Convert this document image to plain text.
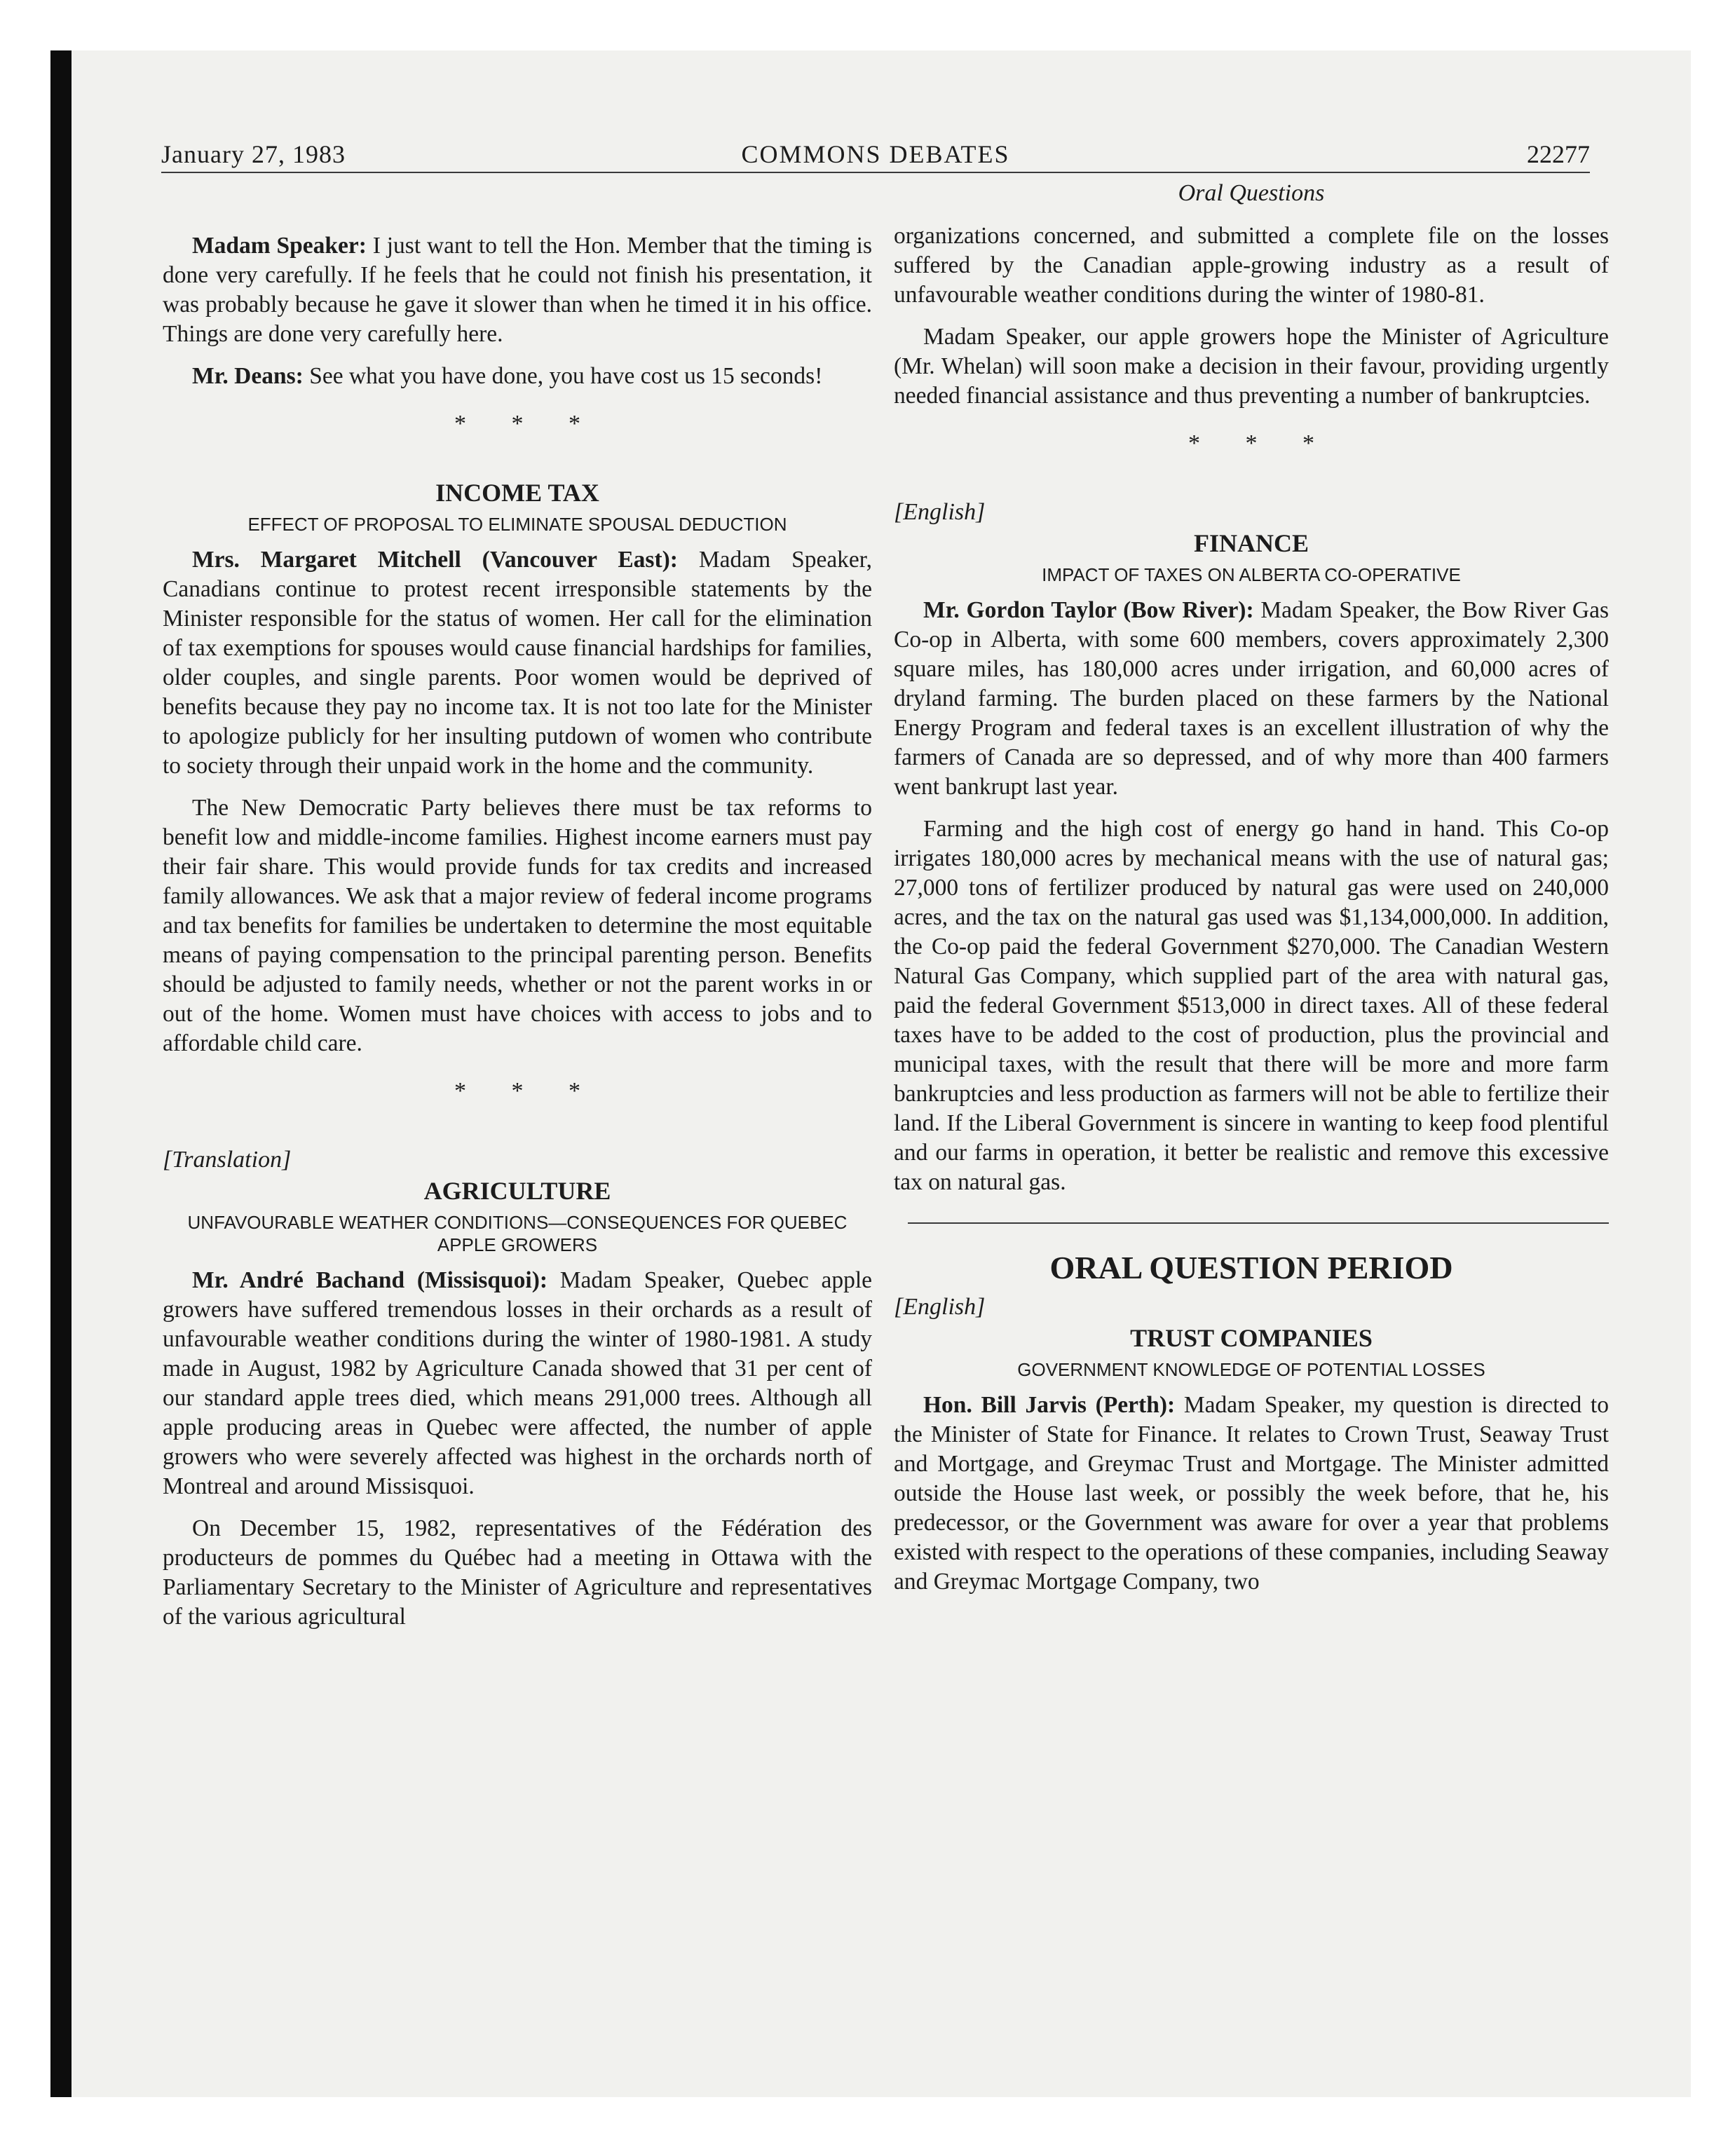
January 27, 1983	COMMONS DEBATES	22277

Madam Speaker: I just want to tell the Hon. Member that the timing is done very carefully. If he feels that he could not finish his presentation, it was probably because he gave it slower than when he timed it in his office. Things are done very carefully here.

Mr. Deans: See what you have done, you have cost us 15 seconds!

* * *
INCOME TAX
EFFECT OF PROPOSAL TO ELIMINATE SPOUSAL DEDUCTION

Mrs. Margaret Mitchell (Vancouver East): Madam Speaker, Canadians continue to protest recent irresponsible statements by the Minister responsible for the status of women. Her call for the elimination of tax exemptions for spouses would cause financial hardships for families, older couples, and single parents. Poor women would be deprived of benefits because they pay no income tax. It is not too late for the Minister to apologize publicly for her insulting putdown of women who contribute to society through their unpaid work in the home and the community.

The New Democratic Party believes there must be tax reforms to benefit low and middle-income families. Highest income earners must pay their fair share. This would provide funds for tax credits and increased family allowances. We ask that a major review of federal income programs and tax benefits for families be undertaken to determine the most equitable means of paying compensation to the principal parenting person. Benefits should be adjusted to family needs, whether or not the parent works in or out of the home. Women must have choices with access to jobs and to affordable child care.

* * *
[Translation]
AGRICULTURE
UNFAVOURABLE WEATHER CONDITIONS—CONSEQUENCES FOR QUEBEC APPLE GROWERS

Mr. André Bachand (Missisquoi): Madam Speaker, Quebec apple growers have suffered tremendous losses in their orchards as a result of unfavourable weather conditions during the winter of 1980-1981. A study made in August, 1982 by Agriculture Canada showed that 31 per cent of our standard apple trees died, which means 291,000 trees. Although all apple producing areas in Quebec were affected, the number of apple growers who were severely affected was highest in the orchards north of Montreal and around Missisquoi.

On December 15, 1982, representatives of the Fédération des producteurs de pommes du Québec had a meeting in Ottawa with the Parliamentary Secretary to the Minister of Agriculture and representatives of the various agricultural

Oral Questions

organizations concerned, and submitted a complete file on the losses suffered by the Canadian apple-growing industry as a result of unfavourable weather conditions during the winter of 1980-81.

Madam Speaker, our apple growers hope the Minister of Agriculture (Mr. Whelan) will soon make a decision in their favour, providing urgently needed financial assistance and thus preventing a number of bankruptcies.

* * *
[English]
FINANCE
IMPACT OF TAXES ON ALBERTA CO-OPERATIVE

Mr. Gordon Taylor (Bow River): Madam Speaker, the Bow River Gas Co-op in Alberta, with some 600 members, covers approximately 2,300 square miles, has 180,000 acres under irrigation, and 60,000 acres of dryland farming. The burden placed on these farmers by the National Energy Program and federal taxes is an excellent illustration of why the farmers of Canada are so depressed, and of why more than 400 farmers went bankrupt last year.

Farming and the high cost of energy go hand in hand. This Co-op irrigates 180,000 acres by mechanical means with the use of natural gas; 27,000 tons of fertilizer produced by natural gas were used on 240,000 acres, and the tax on the natural gas used was $1,134,000,000. In addition, the Co-op paid the federal Government $270,000. The Canadian Western Natural Gas Company, which supplied part of the area with natural gas, paid the federal Government $513,000 in direct taxes. All of these federal taxes have to be added to the cost of production, plus the provincial and municipal taxes, with the result that there will be more and more farm bankruptcies and less production as farmers will not be able to fertilize their land. If the Liberal Government is sincere in wanting to keep food plentiful and our farms in operation, it better be realistic and remove this excessive tax on natural gas.

ORAL QUESTION PERIOD
[English]
TRUST COMPANIES
GOVERNMENT KNOWLEDGE OF POTENTIAL LOSSES

Hon. Bill Jarvis (Perth): Madam Speaker, my question is directed to the Minister of State for Finance. It relates to Crown Trust, Seaway Trust and Mortgage, and Greymac Trust and Mortgage. The Minister admitted outside the House last week, or possibly the week before, that he, his predecessor, or the Government was aware for over a year that problems existed with respect to the operations of these companies, including Seaway and Greymac Mortgage Company, two
